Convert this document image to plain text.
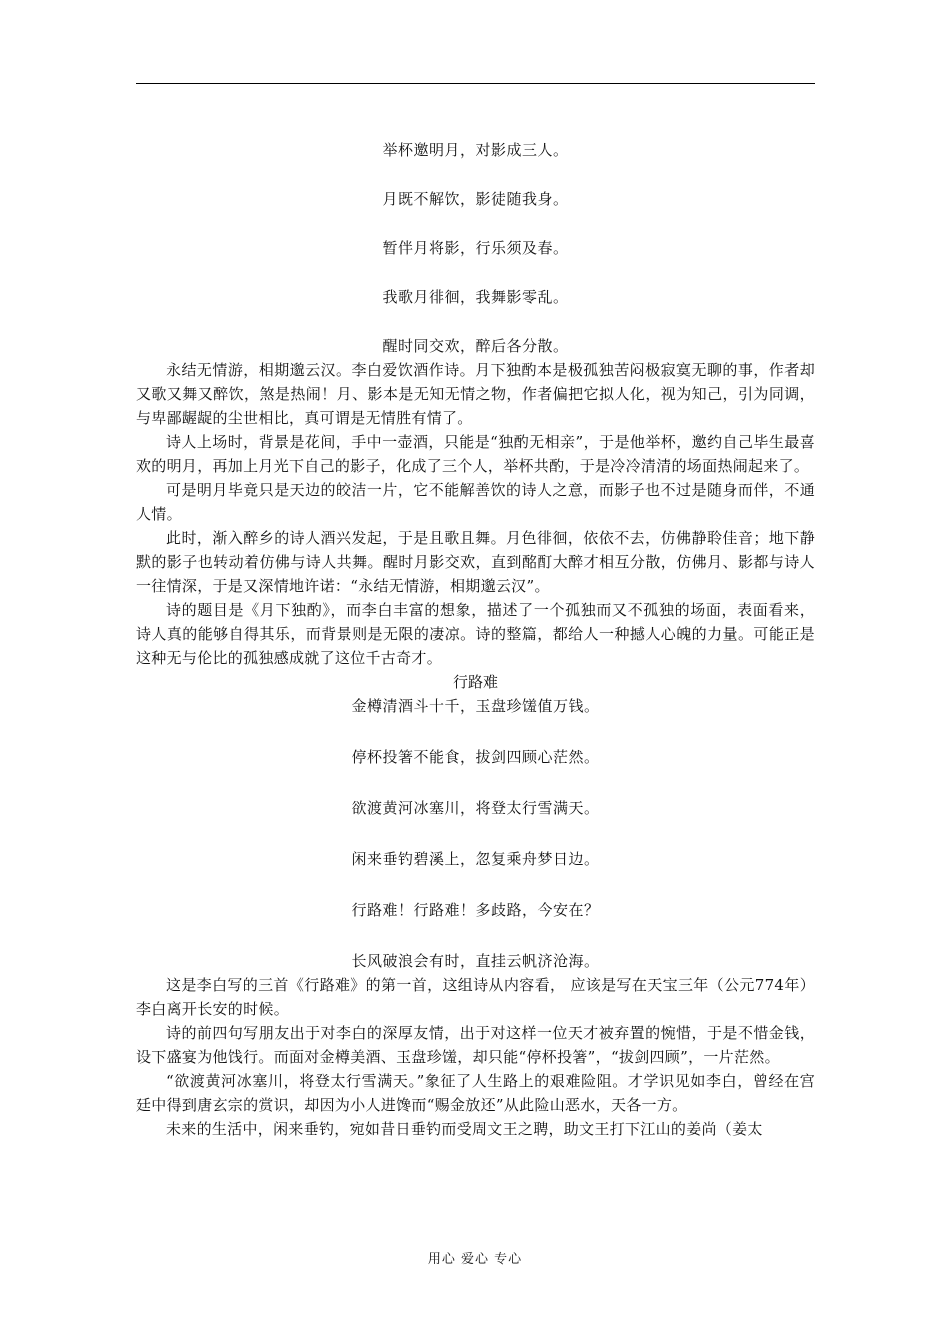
举杯邀明月，对影成三人。
月既不解饮，影徒随我身。
暂伴月将影，行乐须及春。
我歌月徘徊，我舞影零乱。
醒时同交欢，醉后各分散。

永结无情游，相期邈云汉。李白爱饮酒作诗。月下独酌本是极孤独苦闷极寂寞无聊的事，作者却又歌又舞又醉饮，煞是热闹！月、影本是无知无情之物，作者偏把它拟人化，视为知己，引为同调，与卑鄙龌龊的尘世相比，真可谓是无情胜有情了。

诗人上场时，背景是花间，手中一壶酒，只能是“独酌无相亲”，于是他举杯，邀约自己毕生最喜欢的明月，再加上月光下自己的影子，化成了三个人，举杯共酌，于是冷冷清清的场面热闹起来了。

可是明月毕竟只是天边的皎洁一片，它不能解善饮的诗人之意，而影子也不过是随身而伴，不通人情。

此时，渐入醉乡的诗人酒兴发起，于是且歌且舞。月色徘徊，依依不去，仿佛静聆佳音；地下静默的影子也转动着仿佛与诗人共舞。醒时月影交欢，直到酩酊大醉才相互分散，仿佛月、影都与诗人一往情深，于是又深情地许诺：“永结无情游，相期邈云汉”。

诗的题目是《月下独酌》，而李白丰富的想象，描述了一个孤独而又不孤独的场面，表面看来，诗人真的能够自得其乐，而背景则是无限的凄凉。诗的整篇，都给人一种撼人心魄的力量。可能正是这种无与伦比的孤独感成就了这位千古奇才。

行路难
金樽清酒斗十千，玉盘珍馐值万钱。
停杯投箸不能食，拔剑四顾心茫然。
欲渡黄河冰塞川，将登太行雪满天。
闲来垂钓碧溪上，忽复乘舟梦日边。
行路难！行路难！多歧路，今安在？
长风破浪会有时，直挂云帆济沧海。

这是李白写的三首《行路难》的第一首，这组诗从内容看， 应该是写在天宝三年（公元774年）李白离开长安的时候。

诗的前四句写朋友出于对李白的深厚友情，出于对这样一位天才被弃置的惋惜，于是不惜金钱，设下盛宴为他饯行。而面对金樽美酒、玉盘珍馐，却只能“停杯投箸”，“拔剑四顾”，一片茫然。

“欲渡黄河冰塞川，将登太行雪满天。”象征了人生路上的艰难险阻。才学识见如李白，曾经在宫廷中得到唐玄宗的赏识，却因为小人进馋而“赐金放还”从此险山恶水，天各一方。

未来的生活中，闲来垂钓，宛如昔日垂钓而受周文王之聘，助文王打下江山的姜尚（姜太

用心 爱心 专心
